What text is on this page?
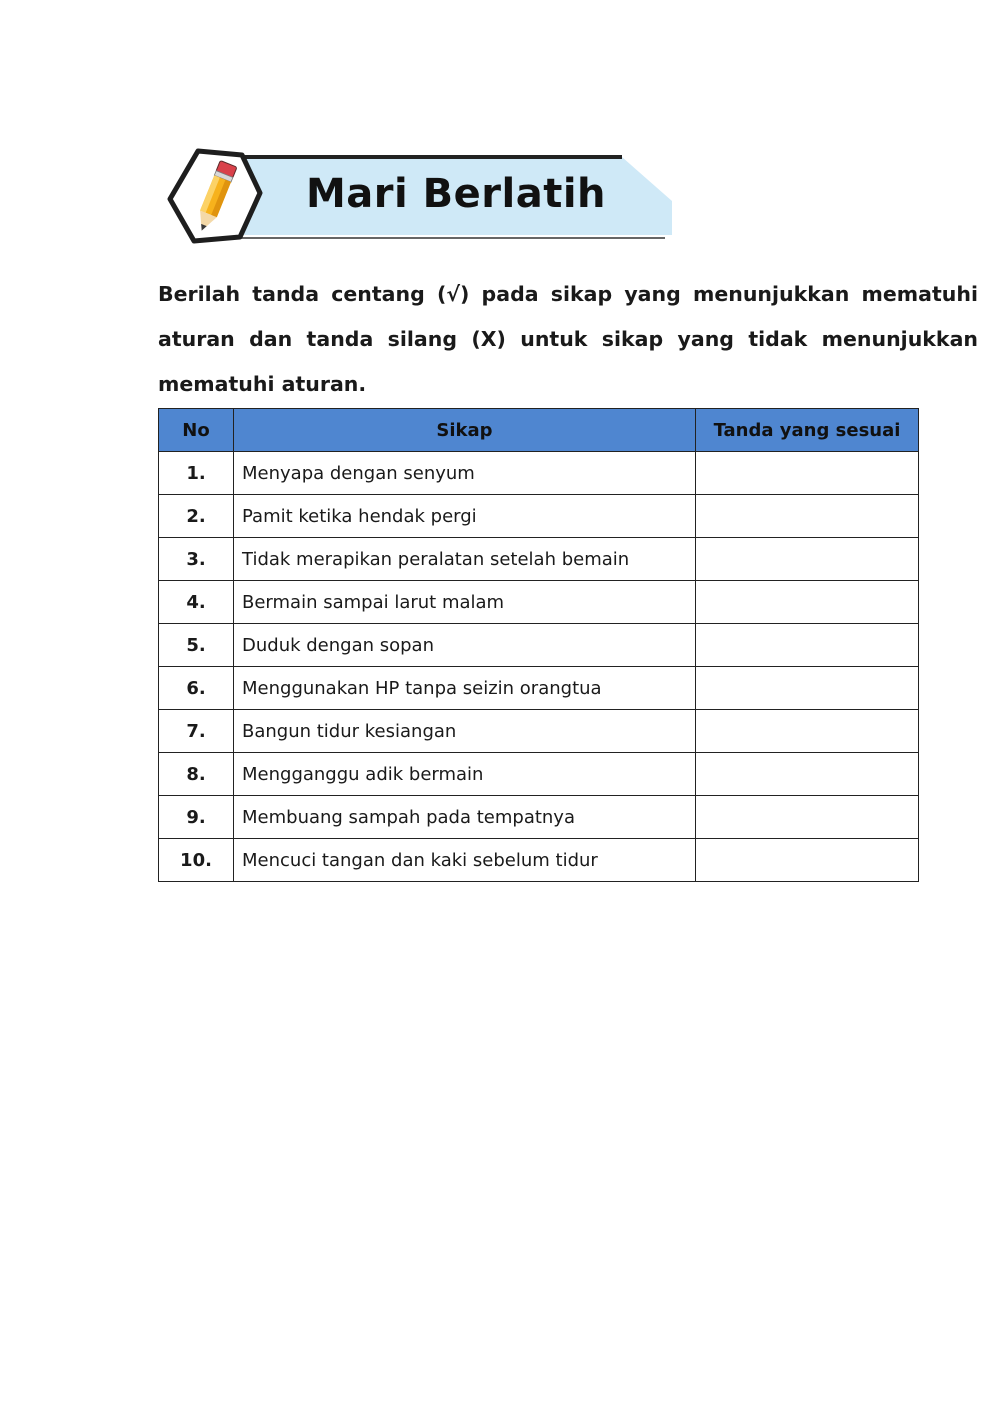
Mari Berlatih

Berilah tanda centang (√) pada sikap yang menunjukkan mematuhi aturan dan tanda silang (X) untuk sikap yang tidak menunjukkan mematuhi aturan.

No	Sikap	Tanda yang sesuai
1.	Menyapa dengan senyum	
2.	Pamit ketika hendak pergi	
3.	Tidak merapikan peralatan setelah bemain	
4.	Bermain sampai larut malam	
5.	Duduk dengan sopan	
6.	Menggunakan HP tanpa seizin orangtua	
7.	Bangun tidur kesiangan	
8.	Mengganggu adik bermain	
9.	Membuang sampah pada tempatnya	
10.	Mencuci tangan dan kaki sebelum tidur	
